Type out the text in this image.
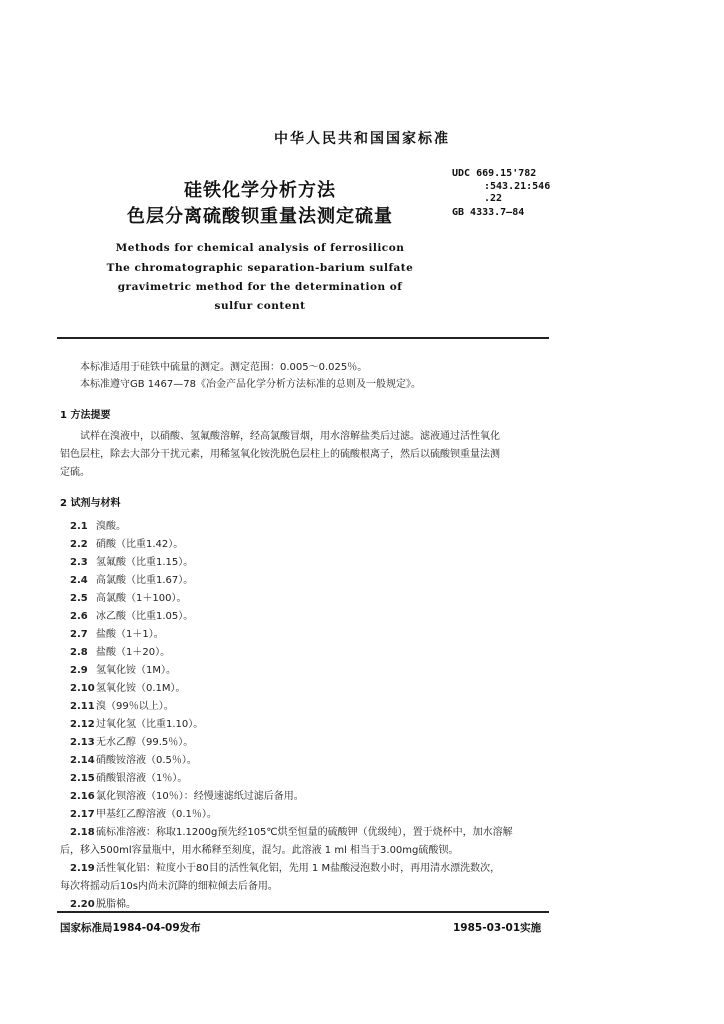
中华人民共和国国家标准
硅铁化学分析方法
色层分离硫酸钡重量法测定硫量
UDC 669.15'782
:543.21:546
.22
GB 4333.7—84
Methods for chemical analysis of ferrosilicon
The chromatographic separation-barium sulfate
gravimetric method for the determination of
sulfur content
本标准适用于硅铁中硫量的测定。测定范围：0.005～0.025％。
本标准遵守GB 1467—78《冶金产品化学分析方法标准的总则及一般规定》。
1 方法提要
试样在溴液中，以硝酸、氢氟酸溶解，经高氯酸冒烟，用水溶解盐类后过滤。滤液通过活性氧化
铝色层柱，除去大部分干扰元素，用稀氢氧化铵洗脱色层柱上的硫酸根离子，然后以硫酸钡重量法测
定硫。
2 试剂与材料
2.1 溴酸。
2.2 硝酸（比重1.42）。
2.3 氢氟酸（比重1.15）。
2.4 高氯酸（比重1.67）。
2.5 高氯酸（1＋100）。
2.6 冰乙酸（比重1.05）。
2.7 盐酸（1＋1）。
2.8 盐酸（1＋20）。
2.9 氢氧化铵（1M）。
2.10氢氧化铵（0.1M）。
2.11溴（99％以上）。
2.12过氧化氢（比重1.10）。
2.13无水乙醇（99.5％）。
2.14硝酸铵溶液（0.5％）。
2.15硝酸银溶液（1％）。
2.16氯化钡溶液（10％）：经慢速滤纸过滤后备用。
2.17甲基红乙醇溶液（0.1％）。
2.18硫标准溶液：称取1.1200g预先经105℃烘至恒量的硫酸钾（优级纯），置于烧杯中，加水溶解
后，移入500ml容量瓶中，用水稀释至刻度，混匀。此溶液 1 ml 相当于3.00mg硫酸钡。
2.19活性氧化铝：粒度小于80目的活性氧化铝，先用 1 M盐酸浸泡数小时，再用清水漂洗数次，
每次将摇动后10s内尚未沉降的细粒倾去后备用。
2.20脱脂棉。
国家标准局1984-04-09发布	1985-03-01实施
